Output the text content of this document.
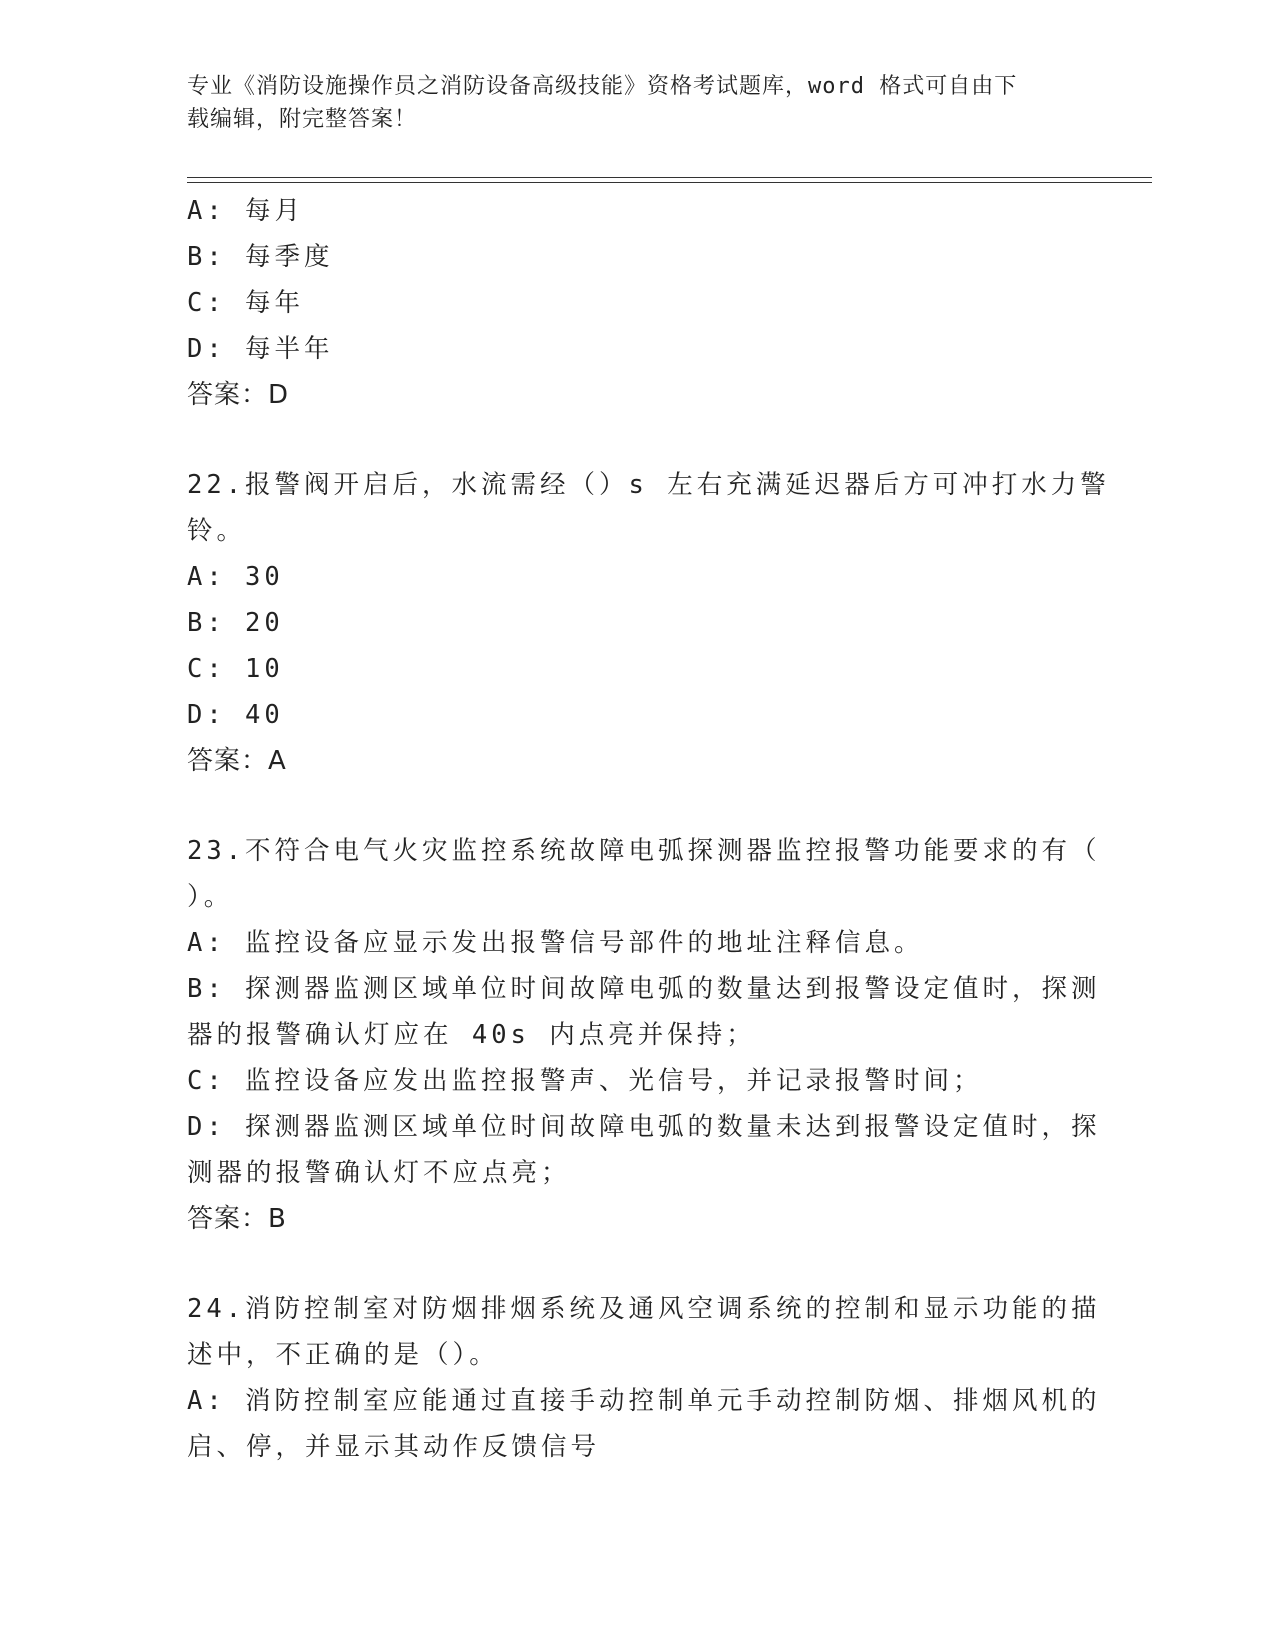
专业《消防设施操作员之消防设备高级技能》资格考试题库，word 格式可自由下
载编辑，附完整答案！
A: 每月
B: 每季度
C: 每年
D: 每半年
答案：D
22.报警阀开启后，水流需经（）s 左右充满延迟器后方可冲打水力警
铃。
A: 30
B: 20
C: 10
D: 40
答案：A
23.不符合电气火灾监控系统故障电弧探测器监控报警功能要求的有（
）。
A: 监控设备应显示发出报警信号部件的地址注释信息。
B: 探测器监测区域单位时间故障电弧的数量达到报警设定值时，探测
器的报警确认灯应在 40s 内点亮并保持；
C: 监控设备应发出监控报警声、光信号，并记录报警时间；
D: 探测器监测区域单位时间故障电弧的数量未达到报警设定值时，探
测器的报警确认灯不应点亮；
答案：B
24.消防控制室对防烟排烟系统及通风空调系统的控制和显示功能的描
述中，不正确的是（）。
A: 消防控制室应能通过直接手动控制单元手动控制防烟、排烟风机的
启、停，并显示其动作反馈信号
